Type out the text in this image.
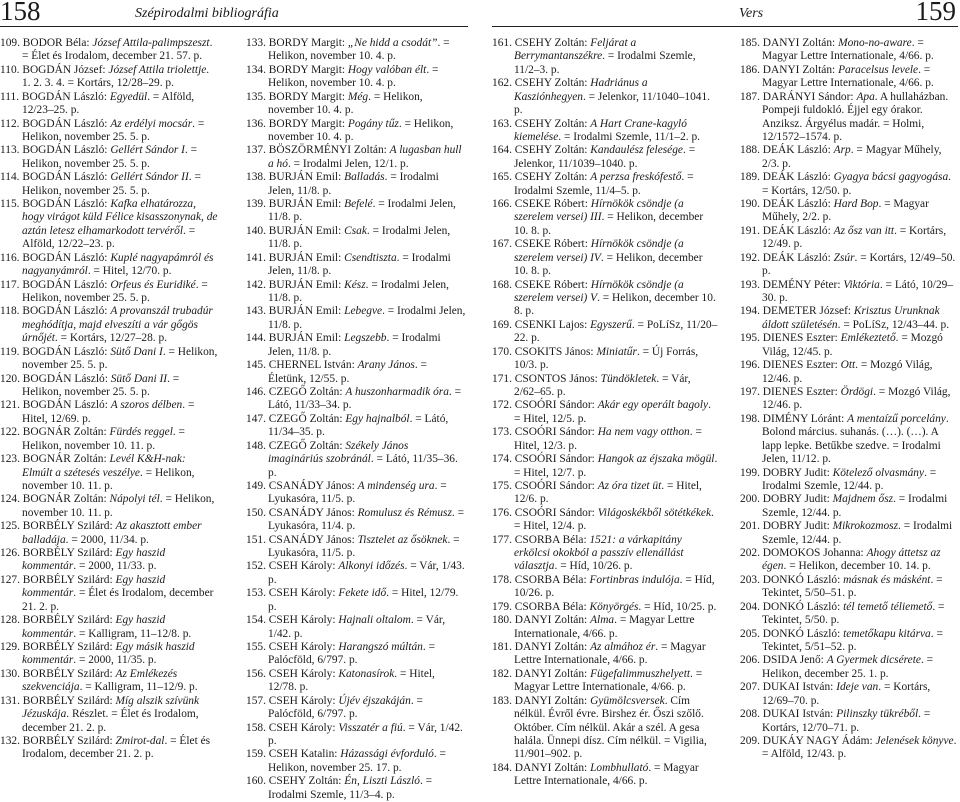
158	Szépirodalmi bibliográfia	Vers	159

109. BODOR Béla: József Attila-palimpszeszt. = Élet és Irodalom, december 21. 57. p.

110. BOGDÁN József: József Attila triolettje. 1. 2. 3. 4. = Kortárs, 12/28–29. p.

111. BOGDÁN László: Egyedül. = Alföld, 12/23–25. p.

112. BOGDÁN László: Az erdélyi mocsár. = Helikon, november 25. 5. p.

113. BOGDÁN László: Gellért Sándor I. = Helikon, november 25. 5. p.

114. BOGDÁN László: Gellért Sándor II. = Helikon, november 25. 5. p.

115. BOGDÁN László: Kafka elhatározza, hogy virágot küld Félice kisasszonynak, de aztán letesz elhamarkodott tervéről. = Alföld, 12/22–23. p.

116. BOGDÁN László: Kuplé nagyapámról és nagyanyámról. = Hitel, 12/70. p.

117. BOGDÁN László: Orfeus és Euridiké. = Helikon, november 25. 5. p.

118. BOGDÁN László: A provanszál trubadúr meghódítja, majd elveszíti a vár gőgös úrnőjét. = Kortárs, 12/27–28. p.

119. BOGDÁN László: Sütő Dani I. = Helikon, november 25. 5. p.

120. BOGDÁN László: Sütő Dani II. = Helikon, november 25. 5. p.

121. BOGDÁN László: A szoros délben. = Hitel, 12/69. p.

122. BOGNÁR Zoltán: Fürdés reggel. = Helikon, november 10. 11. p.

123. BOGNÁR Zoltán: Levél K&H-nak: Elmúlt a szétesés veszélye. = Helikon, november 10. 11. p.

124. BOGNÁR Zoltán: Nápolyi tél. = Helikon, november 10. 11. p.

125. BORBÉLY Szilárd: Az akasztott ember balladája. = 2000, 11/34. p.

126. BORBÉLY Szilárd: Egy haszid kommentár. = 2000, 11/33. p.

127. BORBÉLY Szilárd: Egy haszid kommentár. = Élet és Irodalom, december 21. 2. p.

128. BORBÉLY Szilárd: Egy haszid kommentár. = Kalligram, 11–12/8. p.

129. BORBÉLY Szilárd: Egy másik haszid kommentár. = 2000, 11/35. p.

130. BORBÉLY Szilárd: Az Emlékezés szekvenciája. = Kalligram, 11–12/9. p.

131. BORBÉLY Szilárd: Míg alszik szívünk Jézuskája. Részlet. = Élet és Irodalom, december 21. 2. p.

132. BORBÉLY Szilárd: Zmirot-dal. = Élet és Irodalom, december 21. 2. p.

133. BORDY Margit: „Ne hidd a csodát”. = Helikon, november 10. 4. p.

134. BORDY Margit: Hogy valóban élt. = Helikon, november 10. 4. p.

135. BORDY Margit: Még. = Helikon, november 10. 4. p.

136. BORDY Margit: Pogány tűz. = Helikon, november 10. 4. p.

137. BÖSZÖRMÉNYI Zoltán: A lugasban hull a hó. = Irodalmi Jelen, 12/1. p.

138. BURJÁN Emil: Balladás. = Irodalmi Jelen, 11/8. p.

139. BURJÁN Emil: Befelé. = Irodalmi Jelen, 11/8. p.

140. BURJÁN Emil: Csak. = Irodalmi Jelen, 11/8. p.

141. BURJÁN Emil: Csendtiszta. = Irodalmi Jelen, 11/8. p.

142. BURJÁN Emil: Kész. = Irodalmi Jelen, 11/8. p.

143. BURJÁN Emil: Lebegve. = Irodalmi Jelen, 11/8. p.

144. BURJÁN Emil: Legszebb. = Irodalmi Jelen, 11/8. p.

145. CHERNEL István: Arany János. = Életünk, 12/55. p.

146. CZEGŐ Zoltán: A huszonharmadik óra. = Látó, 11/33–34. p.

147. CZEGŐ Zoltán: Egy hajnalból. = Látó, 11/34–35. p.

148. CZEGŐ Zoltán: Székely János imagináriús szobránál. = Látó, 11/35–36. p.

149. CSANÁDY János: A mindenség ura. = Lyukasóra, 11/5. p.

150. CSANÁDY János: Romulusz és Rémusz. = Lyukasóra, 11/4. p.

151. CSANÁDY János: Tisztelet az ősöknek. = Lyukasóra, 11/5. p.

152. CSEH Károly: Alkonyi időzés. = Vár, 1/43. p.

153. CSEH Károly: Fekete idő. = Hitel, 12/79. p.

154. CSEH Károly: Hajnali oltalom. = Vár, 1/42. p.

155. CSEH Károly: Harangszó múltán. = Palócföld, 6/797. p.

156. CSEH Károly: Katonasírok. = Hitel, 12/78. p.

157. CSEH Károly: Újév éjszakáján. = Palócföld, 6/797. p.

158. CSEH Károly: Visszatér a fiú. = Vár, 1/42. p.

159. CSEH Katalin: Házassági évforduló. = Helikon, november 25. 17. p.

160. CSEHY Zoltán: Én, Liszti László. = Irodalmi Szemle, 11/3–4. p.

161. CSEHY Zoltán: Feljárat a Berrymantanszékre. = Irodalmi Szemle, 11/2–3. p.

162. CSEHY Zoltán: Hadriánus a Kasziónhegyen. = Jelenkor, 11/1040–1041. p.

163. CSEHY Zoltán: A Hart Crane-kagyló kiemelése. = Irodalmi Szemle, 11/1–2. p.

164. CSEHY Zoltán: Kandaulész felesége. = Jelenkor, 11/1039–1040. p.

165. CSEHY Zoltán: A perzsa freskófestő. = Irodalmi Szemle, 11/4–5. p.

166. CSEKE Róbert: Hírnökök csöndje (a szerelem versei) III. = Helikon, december 10. 8. p.

167. CSEKE Róbert: Hírnökök csöndje (a szerelem versei) IV. = Helikon, december 10. 8. p.

168. CSEKE Róbert: Hírnökök csöndje (a szerelem versei) V. = Helikon, december 10. 8. p.

169. CSENKI Lajos: Egyszerű. = PoLíSz, 11/20–22. p.

170. CSOKITS János: Miniatűr. = Új Forrás, 10/3. p.

171. CSONTOS János: Tündökletek. = Vár, 2/62–65. p.

172. CSOÓRI Sándor: Akár egy operált bagoly. = Hitel, 12/5. p.

173. CSOÓRI Sándor: Ha nem vagy otthon. = Hitel, 12/3. p.

174. CSOÓRI Sándor: Hangok az éjszaka mögül. = Hitel, 12/7. p.

175. CSOÓRI Sándor: Az óra tizet üt. = Hitel, 12/6. p.

176. CSOÓRI Sándor: Világoskékből sötétkékek. = Hitel, 12/4. p.

177. CSORBA Béla: 1521: a várkapitány erkölcsi okokból a passzív ellenállást választja. = Híd, 10/26. p.

178. CSORBA Béla: Fortinbras indulója. = Híd, 10/26. p.

179. CSORBA Béla: Könyörgés. = Híd, 10/25. p.

180. DANYI Zoltán: Alma. = Magyar Lettre Internationale, 4/66. p.

181. DANYI Zoltán: Az almához ér. = Magyar Lettre Internationale, 4/66. p.

182. DANYI Zoltán: Fügefalimmuszhelyett. = Magyar Lettre Internationale, 4/66. p.

183. DANYI Zoltán: Gyümölcsversek. Cím nélkül. Évről évre. Birshez ér. Őszi szőlő. Október. Cím nélkül. Akár a szél. A gesa halála. Ünnepi dísz. Cím nélkül. = Vigilia, 11/901–902. p.

184. DANYI Zoltán: Lombhullató. = Magyar Lettre Internationale, 4/66. p.

185. DANYI Zoltán: Mono-no-aware. = Magyar Lettre Internationale, 4/66. p.

186. DANYI Zoltán: Paracelsus levele. = Magyar Lettre Internationale, 4/66. p.

187. DARÁNYI Sándor: Apa. A hullaházban. Pompeji fuldokló. Éjjel egy órakor. Anziksz. Árgyélus madár. = Holmi, 12/1572–1574. p.

188. DEÁK László: Arp. = Magyar Műhely, 2/3. p.

189. DEÁK László: Gyagya bácsi gagyogása. = Kortárs, 12/50. p.

190. DEÁK László: Hard Bop. = Magyar Műhely, 2/2. p.

191. DEÁK László: Az ősz van itt. = Kortárs, 12/49. p.

192. DEÁK László: Zsúr. = Kortárs, 12/49–50. p.

193. DEMÉNY Péter: Viktória. = Látó, 10/29–30. p.

194. DEMETER József: Krisztus Urunknak áldott születésén. = PoLíSz, 12/43–44. p.

195. DIENES Eszter: Emlékeztető. = Mozgó Világ, 12/45. p.

196. DIENES Eszter: Ott. = Mozgó Világ, 12/46. p.

197. DIENES Eszter: Ördögi. = Mozgó Világ, 12/46. p.

198. DIMÉNY Lóránt: A mentaízű porcelány. Bolond március. suhanás. (…). (…). A lapp lepke. Betűkbe szedve. = Irodalmi Jelen, 11/12. p.

199. DOBRY Judit: Kötelező olvasmány. = Irodalmi Szemle, 12/44. p.

200. DOBRY Judit: Majdnem ősz. = Irodalmi Szemle, 12/44. p.

201. DOBRY Judit: Mikrokozmosz. = Irodalmi Szemle, 12/44. p.

202. DOMOKOS Johanna: Ahogy áttetsz az égen. = Helikon, december 10. 14. p.

203. DONKÓ László: másnak és másként. = Tekintet, 5/50–51. p.

204. DONKÓ László: tél temető téliemető. = Tekintet, 5/50. p.

205. DONKÓ László: temetőkapu kitárva. = Tekintet, 5/51–52. p.

206. DSIDA Jenő: A Gyermek dicsérete. = Helikon, december 25. 1. p.

207. DUKAI István: Ideje van. = Kortárs, 12/69–70. p.

208. DUKAI István: Pilinszky tükréből. = Kortárs, 12/70–71. p.

209. DUKÁY NAGY Ádám: Jelenések könyve. = Alföld, 12/43. p.
